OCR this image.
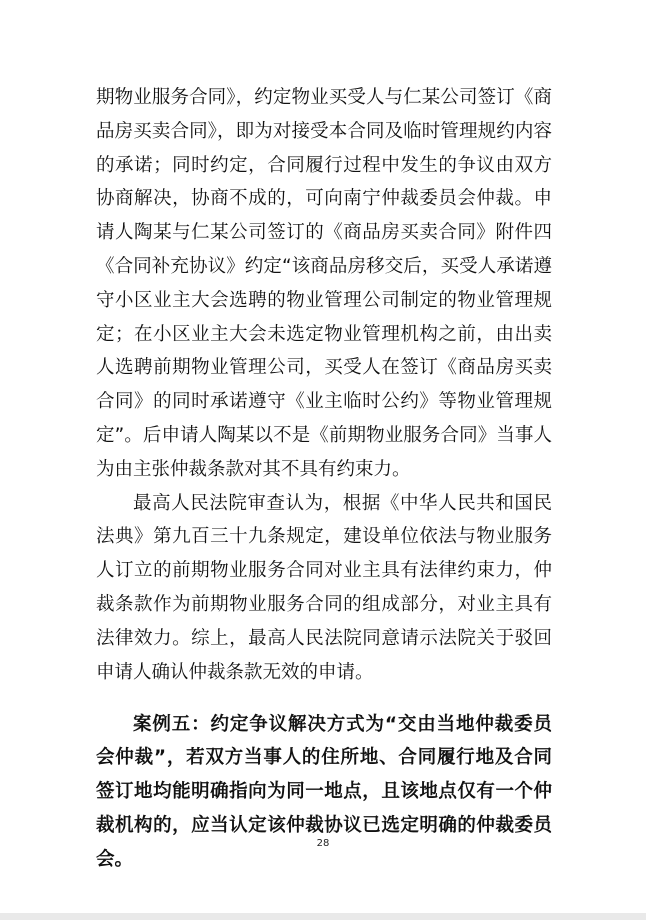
期物业服务合同》，约定物业买受人与仁某公司签订《商品房买卖合同》，即为对接受本合同及临时管理规约内容的承诺；同时约定，合同履行过程中发生的争议由双方协商解决，协商不成的，可向南宁仲裁委员会仲裁。申请人陶某与仁某公司签订的《商品房买卖合同》附件四《合同补充协议》约定“该商品房移交后，买受人承诺遵守小区业主大会选聘的物业管理公司制定的物业管理规定；在小区业主大会未选定物业管理机构之前，由出卖人选聘前期物业管理公司，买受人在签订《商品房买卖合同》的同时承诺遵守《业主临时公约》等物业管理规定”。后申请人陶某以不是《前期物业服务合同》当事人为由主张仲裁条款对其不具有约束力。

最高人民法院审查认为，根据《中华人民共和国民法典》第九百三十九条规定，建设单位依法与物业服务人订立的前期物业服务合同对业主具有法律约束力，仲裁条款作为前期物业服务合同的组成部分，对业主具有法律效力。综上，最高人民法院同意请示法院关于驳回申请人确认仲裁条款无效的申请。

案例五：约定争议解决方式为“交由当地仲裁委员会仲裁”，若双方当事人的住所地、合同履行地及合同签订地均能明确指向为同一地点，且该地点仅有一个仲裁机构的，应当认定该仲裁协议已选定明确的仲裁委员会。

28
